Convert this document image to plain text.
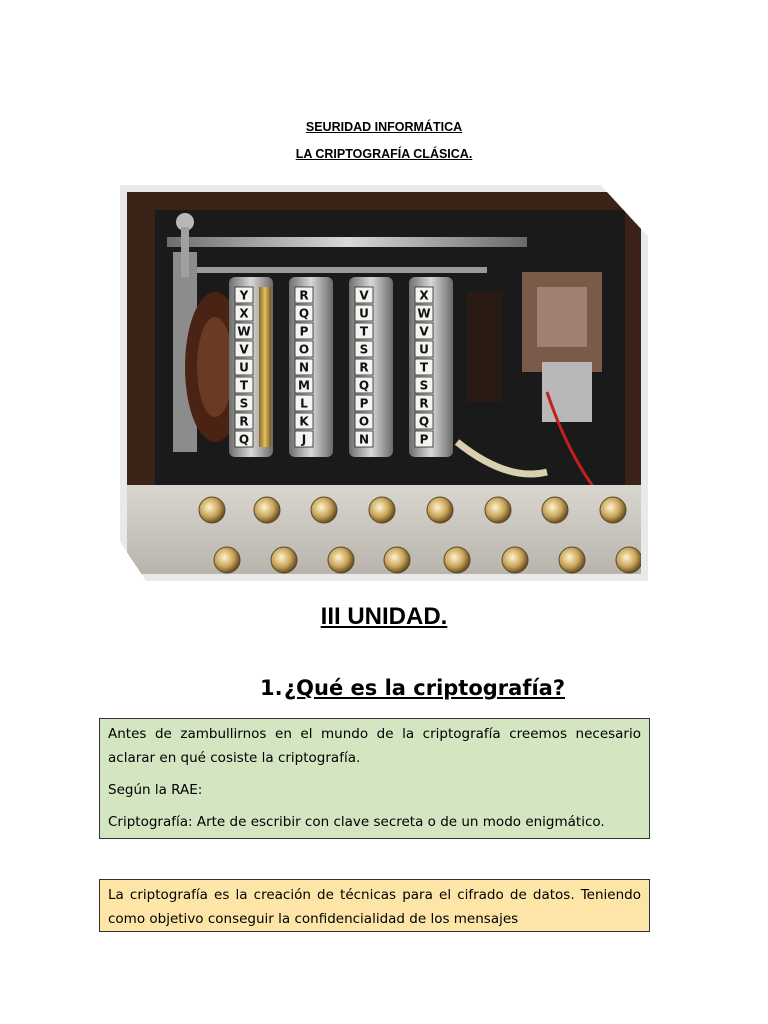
SEURIDAD INFORMÁTICA
LA CRIPTOGRAFÍA CLÁSICA.
Y
X
W
V
U
T
S
R
Q
R
Q
P
O
N
M
L
K
J
V
U
T
S
R
Q
P
O
N
X
W
V
U
T
S
R
Q
P
III UNIDAD.
1.¿Qué es la criptografía?

Antes de zambullirnos en el mundo de la criptografía creemos necesario aclarar en qué cosiste la criptografía.

Según la RAE:

Criptografía: Arte de escribir con clave secreta o de un modo enigmático.

La criptografía es la creación de técnicas para el cifrado de datos. Teniendo como objetivo conseguir la confidencialidad de los mensajes
